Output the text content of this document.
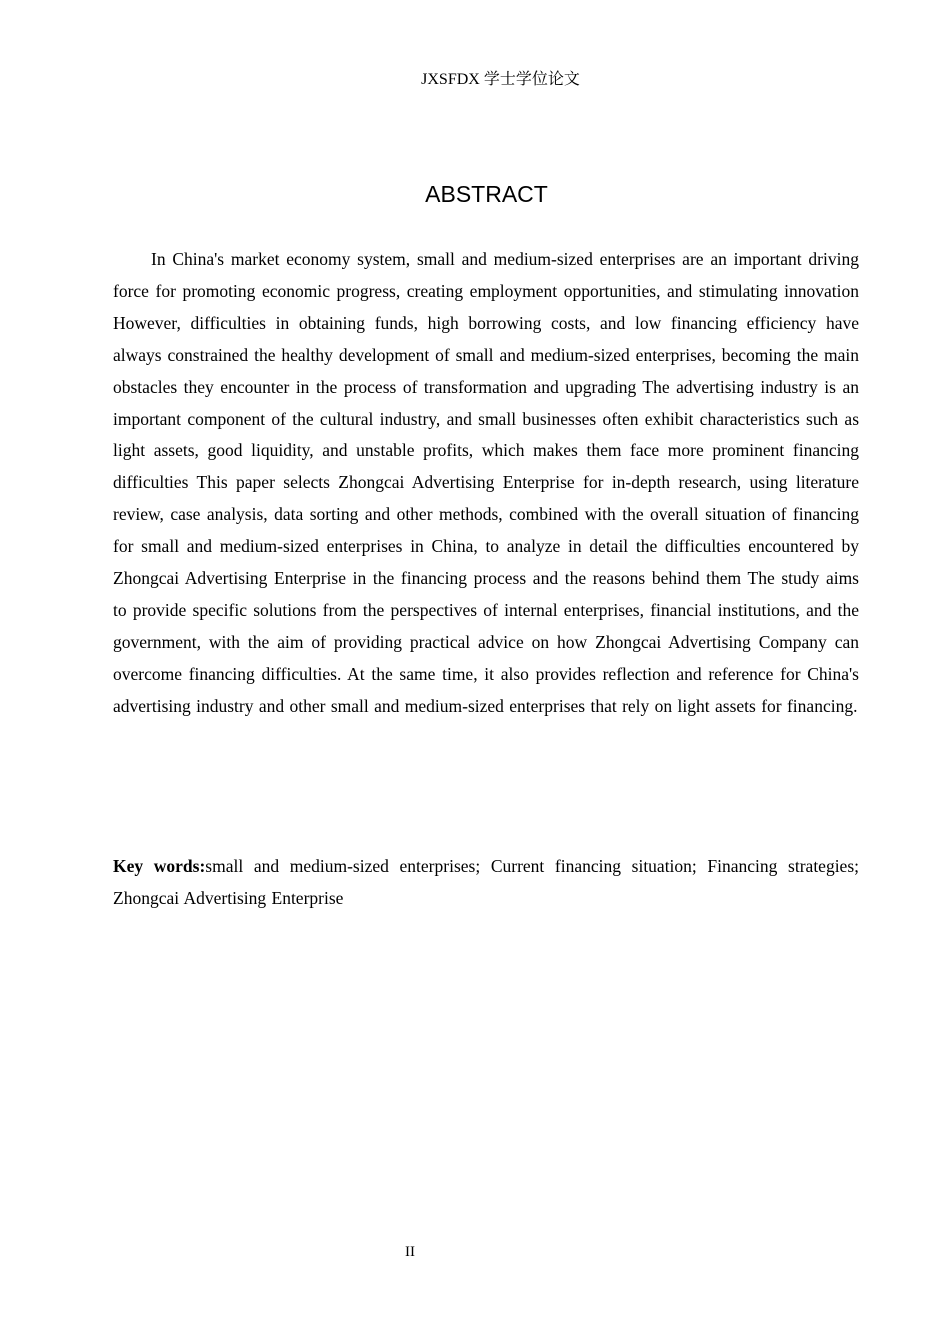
JXSFDX 学士学位论文
ABSTRACT

In China's market economy system, small and medium-sized enterprises are an important driving force for promoting economic progress, creating employment opportunities, and stimulating innovation However, difficulties in obtaining funds, high borrowing costs, and low financing efficiency have always constrained the healthy development of small and medium-sized enterprises, becoming the main obstacles they encounter in the process of transformation and upgrading The advertising industry is an important component of the cultural industry, and small businesses often exhibit characteristics such as light assets, good liquidity, and unstable profits, which makes them face more prominent financing difficulties This paper selects Zhongcai Advertising Enterprise for in-depth research, using literature review, case analysis, data sorting and other methods, combined with the overall situation of financing for small and medium-sized enterprises in China, to analyze in detail the difficulties encountered by Zhongcai Advertising Enterprise in the financing process and the reasons behind them The study aims to provide specific solutions from the perspectives of internal enterprises, financial institutions, and the government, with the aim of providing practical advice on how Zhongcai Advertising Company can overcome financing difficulties. At the same time, it also provides reflection and reference for China's advertising industry and other small and medium-sized enterprises that rely on light assets for financing.

Key words:small and medium-sized enterprises; Current financing situation; Financing strategies; Zhongcai Advertising Enterprise

II
